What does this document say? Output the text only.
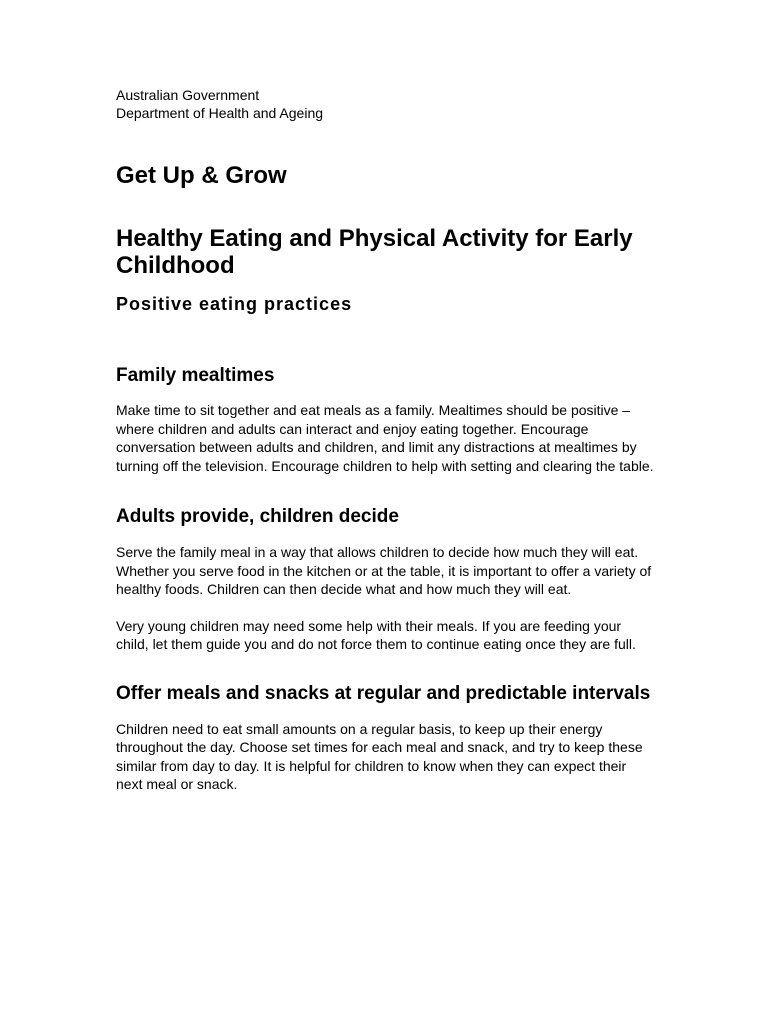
Australian Government

Department of Health and Ageing

Get Up & Grow
Healthy Eating and Physical Activity for Early Childhood
Positive eating practices
Family mealtimes

Make time to sit together and eat meals as a family. Mealtimes should be positive – where children and adults can interact and enjoy eating together. Encourage conversation between adults and children, and limit any distractions at mealtimes by turning off the television. Encourage children to help with setting and clearing the table.

Adults provide, children decide

Serve the family meal in a way that allows children to decide how much they will eat. Whether you serve food in the kitchen or at the table, it is important to offer a variety of healthy foods. Children can then decide what and how much they will eat.

Very young children may need some help with their meals. If you are feeding your child, let them guide you and do not force them to continue eating once they are full.

Offer meals and snacks at regular and predictable intervals

Children need to eat small amounts on a regular basis, to keep up their energy throughout the day. Choose set times for each meal and snack, and try to keep these similar from day to day. It is helpful for children to know when they can expect their next meal or snack.
